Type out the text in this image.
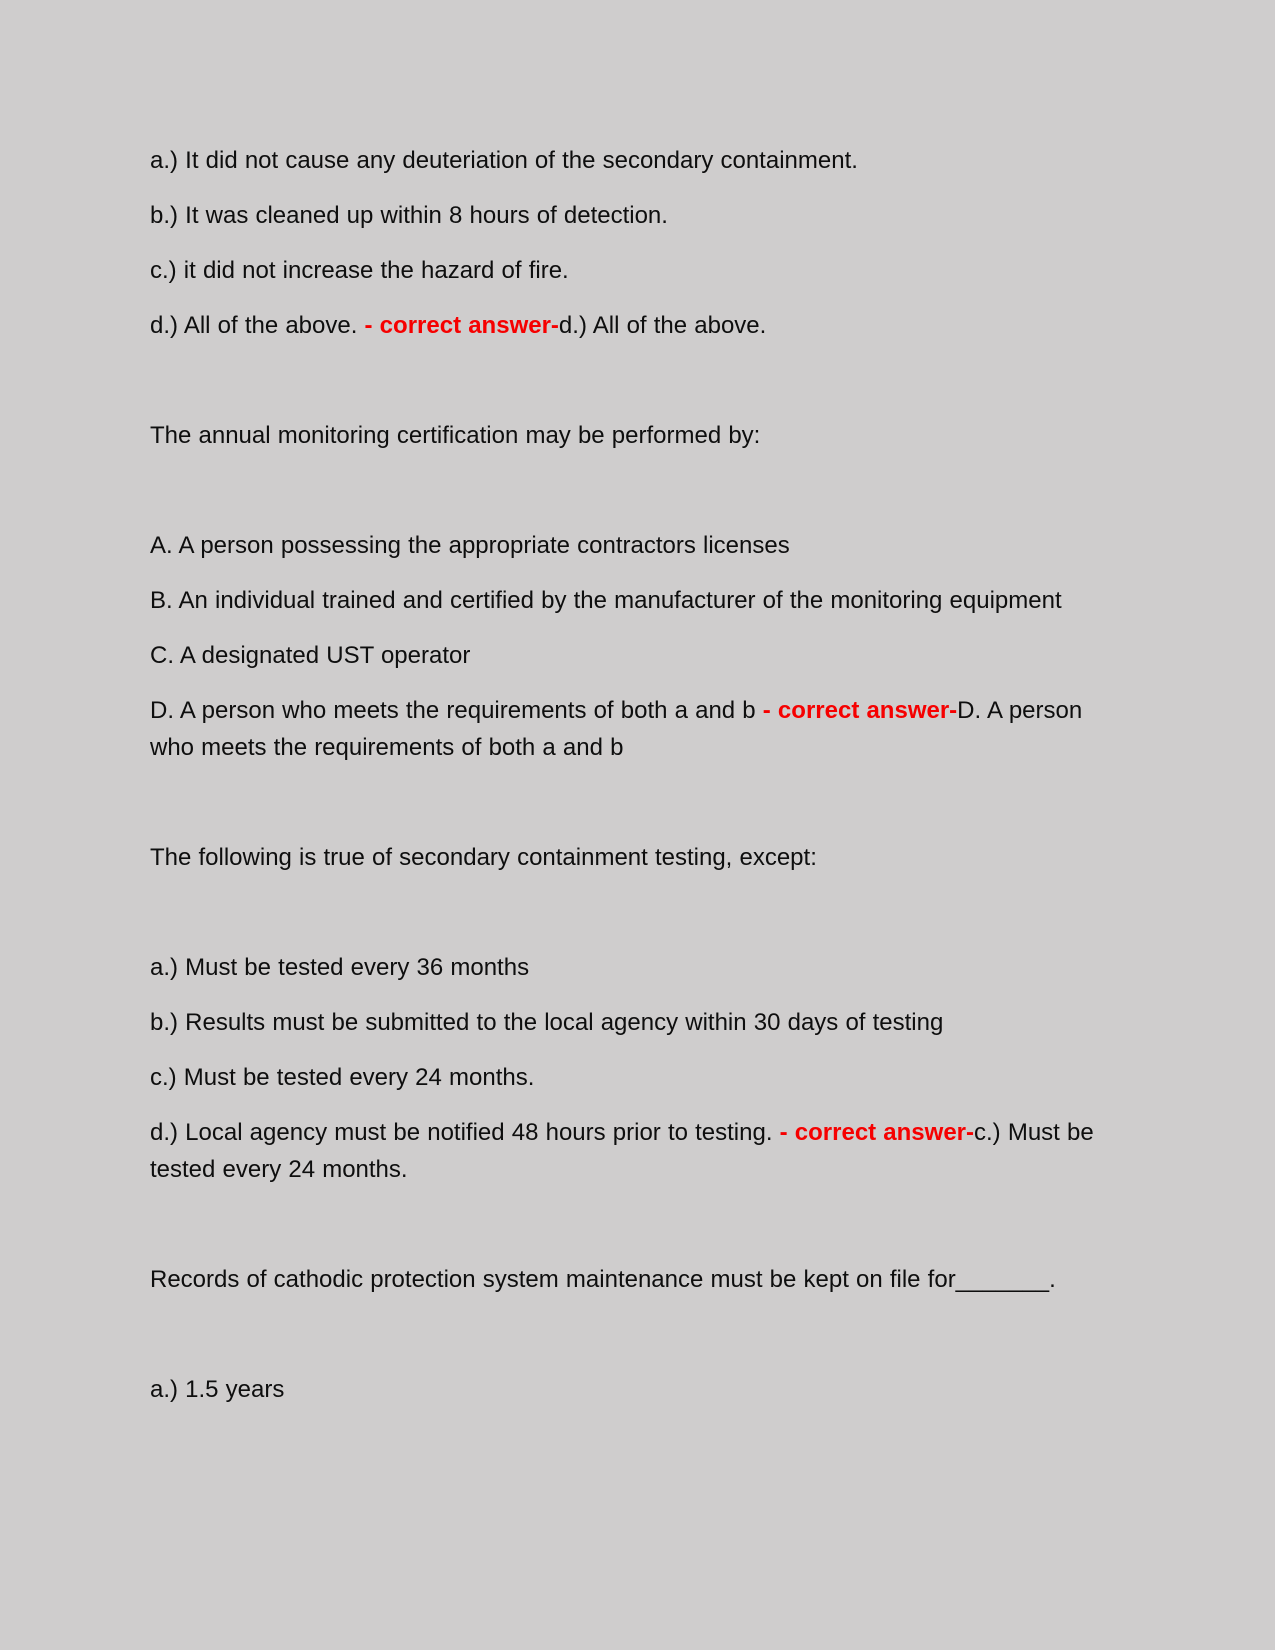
a.) It did not cause any deuteriation of the secondary containment.

b.) It was cleaned up within 8 hours of detection.

c.) it did not increase the hazard of fire.

d.) All of the above. - correct answer-d.) All of the above.

The annual monitoring certification may be performed by:

A. A person possessing the appropriate contractors licenses

B. An individual trained and certified by the manufacturer of the monitoring equipment

C. A designated UST operator

D. A person who meets the requirements of both a and b - correct answer-D. A person who meets the requirements of both a and b

The following is true of secondary containment testing, except:

a.) Must be tested every 36 months

b.) Results must be submitted to the local agency within 30 days of testing

c.) Must be tested every 24 months.

d.) Local agency must be notified 48 hours prior to testing. - correct answer-c.) Must be tested every 24 months.

Records of cathodic protection system maintenance must be kept on file for_______.

a.) 1.5 years
